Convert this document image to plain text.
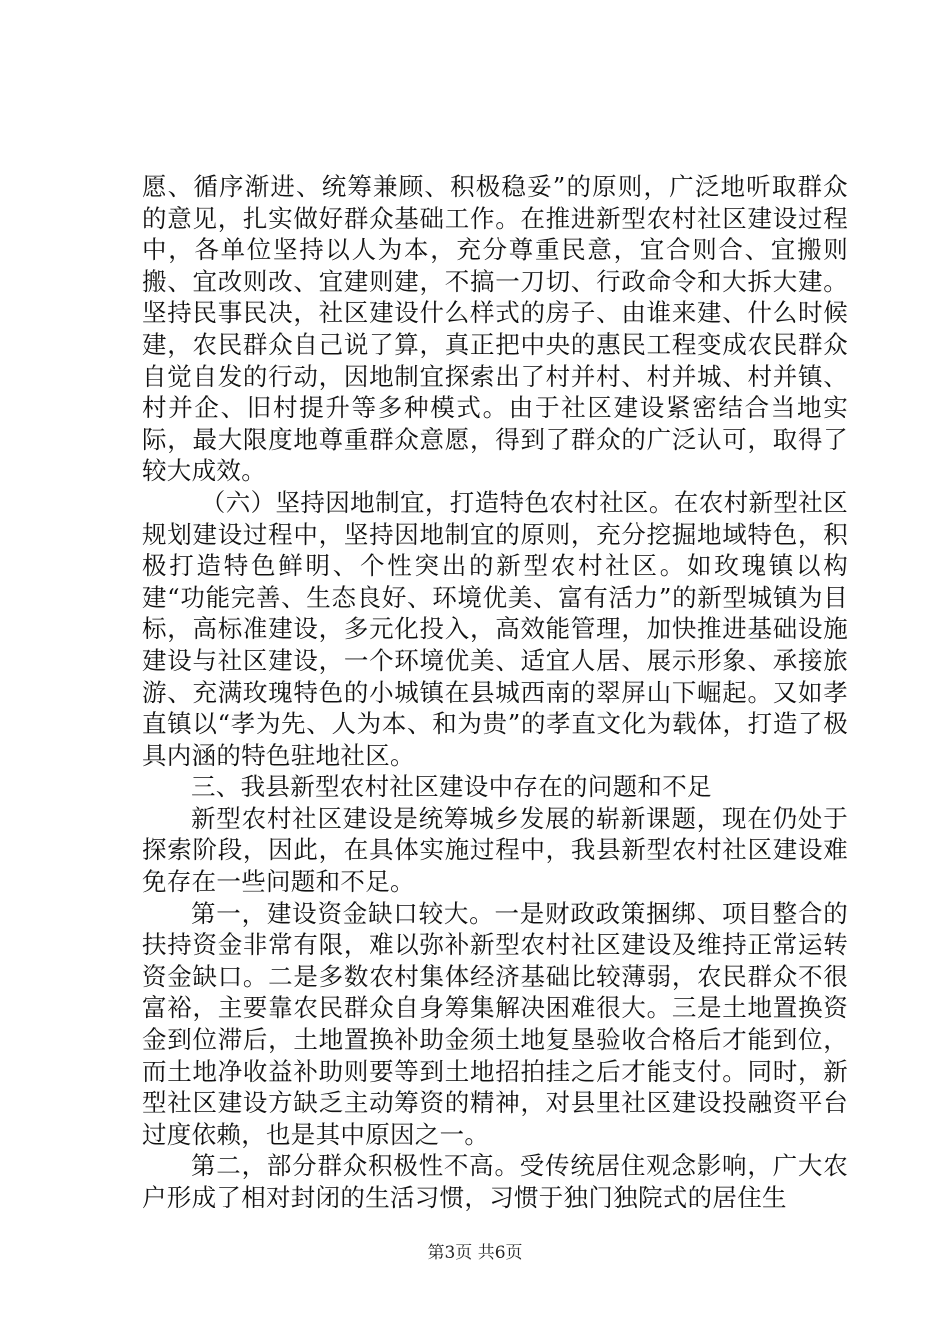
愿、循序渐进、统筹兼顾、积极稳妥”的原则，广泛地听取群众的意见，扎实做好群众基础工作。在推进新型农村社区建设过程中，各单位坚持以人为本，充分尊重民意，宜合则合、宜搬则搬、宜改则改、宜建则建，不搞一刀切、行政命令和大拆大建。坚持民事民决，社区建设什么样式的房子、由谁来建、什么时候建，农民群众自己说了算，真正把中央的惠民工程变成农民群众自觉自发的行动，因地制宜探索出了村并村、村并城、村并镇、村并企、旧村提升等多种模式。由于社区建设紧密结合当地实际，最大限度地尊重群众意愿，得到了群众的广泛认可，取得了较大成效。

（六）坚持因地制宜，打造特色农村社区。在农村新型社区规划建设过程中，坚持因地制宜的原则，充分挖掘地域特色，积极打造特色鲜明、个性突出的新型农村社区。如玫瑰镇以构建“功能完善、生态良好、环境优美、富有活力”的新型城镇为目标，高标准建设，多元化投入，高效能管理，加快推进基础设施建设与社区建设，一个环境优美、适宜人居、展示形象、承接旅游、充满玫瑰特色的小城镇在县城西南的翠屏山下崛起。又如孝直镇以“孝为先、人为本、和为贵”的孝直文化为载体，打造了极具内涵的特色驻地社区。

三、我县新型农村社区建设中存在的问题和不足

新型农村社区建设是统筹城乡发展的崭新课题，现在仍处于探索阶段，因此，在具体实施过程中，我县新型农村社区建设难免存在一些问题和不足。

第一，建设资金缺口较大。一是财政政策捆绑、项目整合的扶持资金非常有限，难以弥补新型农村社区建设及维持正常运转资金缺口。二是多数农村集体经济基础比较薄弱，农民群众不很富裕，主要靠农民群众自身筹集解决困难很大。三是土地置换资金到位滞后，土地置换补助金须土地复垦验收合格后才能到位，而土地净收益补助则要等到土地招拍挂之后才能支付。同时，新型社区建设方缺乏主动筹资的精神，对县里社区建设投融资平台过度依赖，也是其中原因之一。

第二，部分群众积极性不高。受传统居住观念影响，广大农户形成了相对封闭的生活习惯，习惯于独门独院式的居住生

第3页 共6页
